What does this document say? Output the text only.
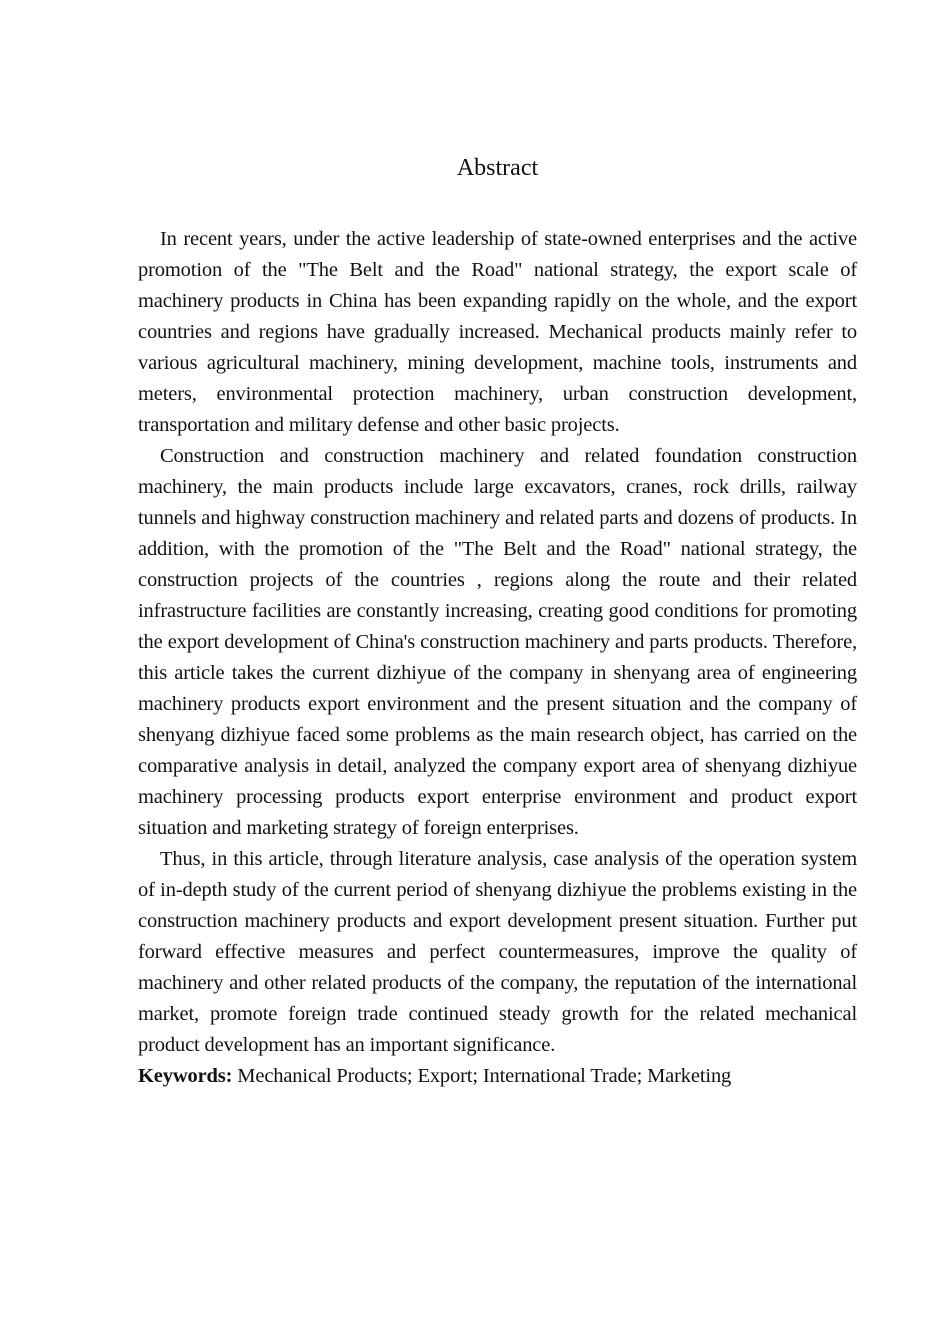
Abstract

In recent years, under the active leadership of state-owned enterprises and the active promotion of the "The Belt and the Road" national strategy, the export scale of machinery products in China has been expanding rapidly on the whole, and the export countries and regions have gradually increased. Mechanical products mainly refer to various agricultural machinery, mining development, machine tools, instruments and meters, environmental protection machinery, urban construction development, transportation and military defense and other basic projects.

Construction and construction machinery and related foundation construction machinery, the main products include large excavators, cranes, rock drills, railway tunnels and highway construction machinery and related parts and dozens of products. In addition, with the promotion of the "The Belt and the Road" national strategy, the construction projects of the countries , regions along the route and their related infrastructure facilities are constantly increasing, creating good conditions for promoting the export development of China's construction machinery and parts products. Therefore, this article takes the current dizhiyue of the company in shenyang area of engineering machinery products export environment and the present situation and the company of shenyang dizhiyue faced some problems as the main research object, has carried on the comparative analysis in detail, analyzed the company export area of shenyang dizhiyue machinery processing products export enterprise environment and product export situation and marketing strategy of foreign enterprises.

Thus, in this article, through literature analysis, case analysis of the operation system of in-depth study of the current period of shenyang dizhiyue the problems existing in the construction machinery products and export development present situation. Further put forward effective measures and perfect countermeasures, improve the quality of machinery and other related products of the company, the reputation of the international market, promote foreign trade continued steady growth for the related mechanical product development has an important significance.

Keywords: Mechanical Products; Export; International Trade; Marketing
